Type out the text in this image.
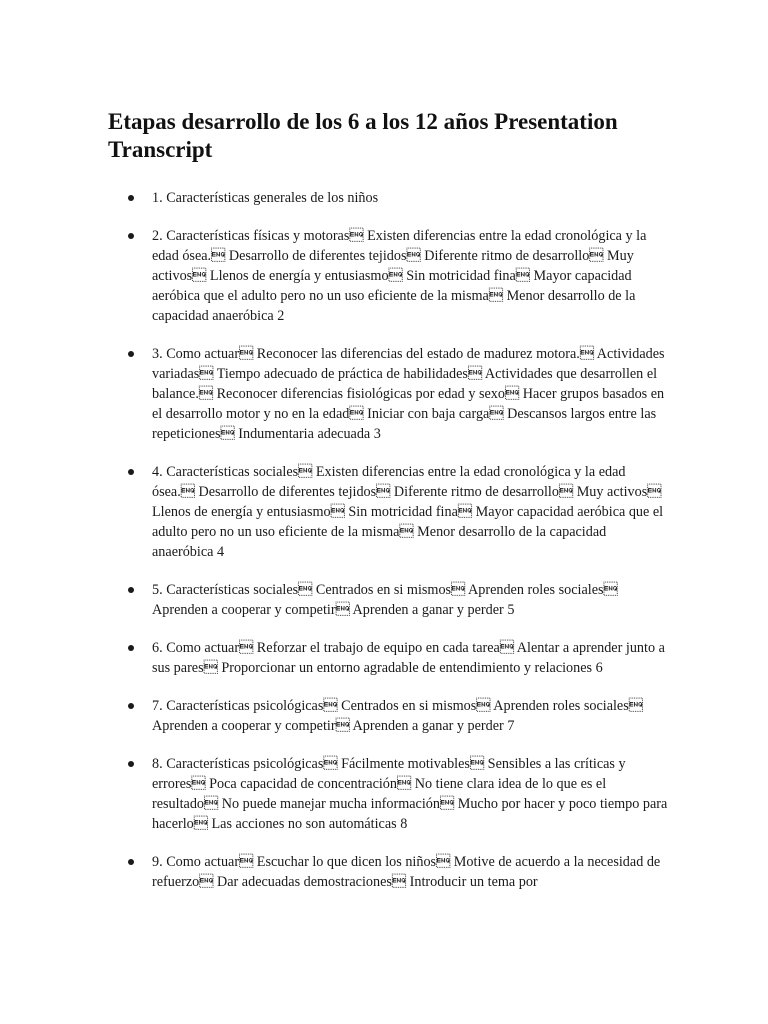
Etapas desarrollo de los 6 a los 12 años Presentation Transcript
1. Características generales de los niños
2. Características físicas y motoras Existen diferencias entre la edad cronológica y la edad ósea. Desarrollo de diferentes tejidos Diferente ritmo de desarrollo Muy activos Llenos de energía y entusiasmo Sin motricidad fina Mayor capacidad aeróbica que el adulto pero no un uso eficiente de la misma Menor desarrollo de la capacidad anaeróbica 2
3. Como actuar Reconocer las diferencias del estado de madurez motora. Actividades variadas Tiempo adecuado de práctica de habilidades Actividades que desarrollen el balance. Reconocer diferencias fisiológicas por edad y sexo Hacer grupos basados en el desarrollo motor y no en la edad Iniciar con baja carga Descansos largos entre las repeticiones Indumentaria adecuada 3
4. Características sociales Existen diferencias entre la edad cronológica y la edad ósea. Desarrollo de diferentes tejidos Diferente ritmo de desarrollo Muy activos Llenos de energía y entusiasmo Sin motricidad fina Mayor capacidad aeróbica que el adulto pero no un uso eficiente de la misma Menor desarrollo de la capacidad anaeróbica 4
5. Características sociales Centrados en si mismos Aprenden roles sociales Aprenden a cooperar y competir Aprenden a ganar y perder 5
6. Como actuar Reforzar el trabajo de equipo en cada tarea Alentar a aprender junto a sus pares Proporcionar un entorno agradable de entendimiento y relaciones 6
7. Características psicológicas Centrados en si mismos Aprenden roles sociales Aprenden a cooperar y competir Aprenden a ganar y perder 7
8. Características psicológicas Fácilmente motivables Sensibles a las críticas y errores Poca capacidad de concentración No tiene clara idea de lo que es el resultado No puede manejar mucha información Mucho por hacer y poco tiempo para hacerlo Las acciones no son automáticas 8
9. Como actuar Escuchar lo que dicen los niños Motive de acuerdo a la necesidad de refuerzo Dar adecuadas demostraciones Introducir un tema por
